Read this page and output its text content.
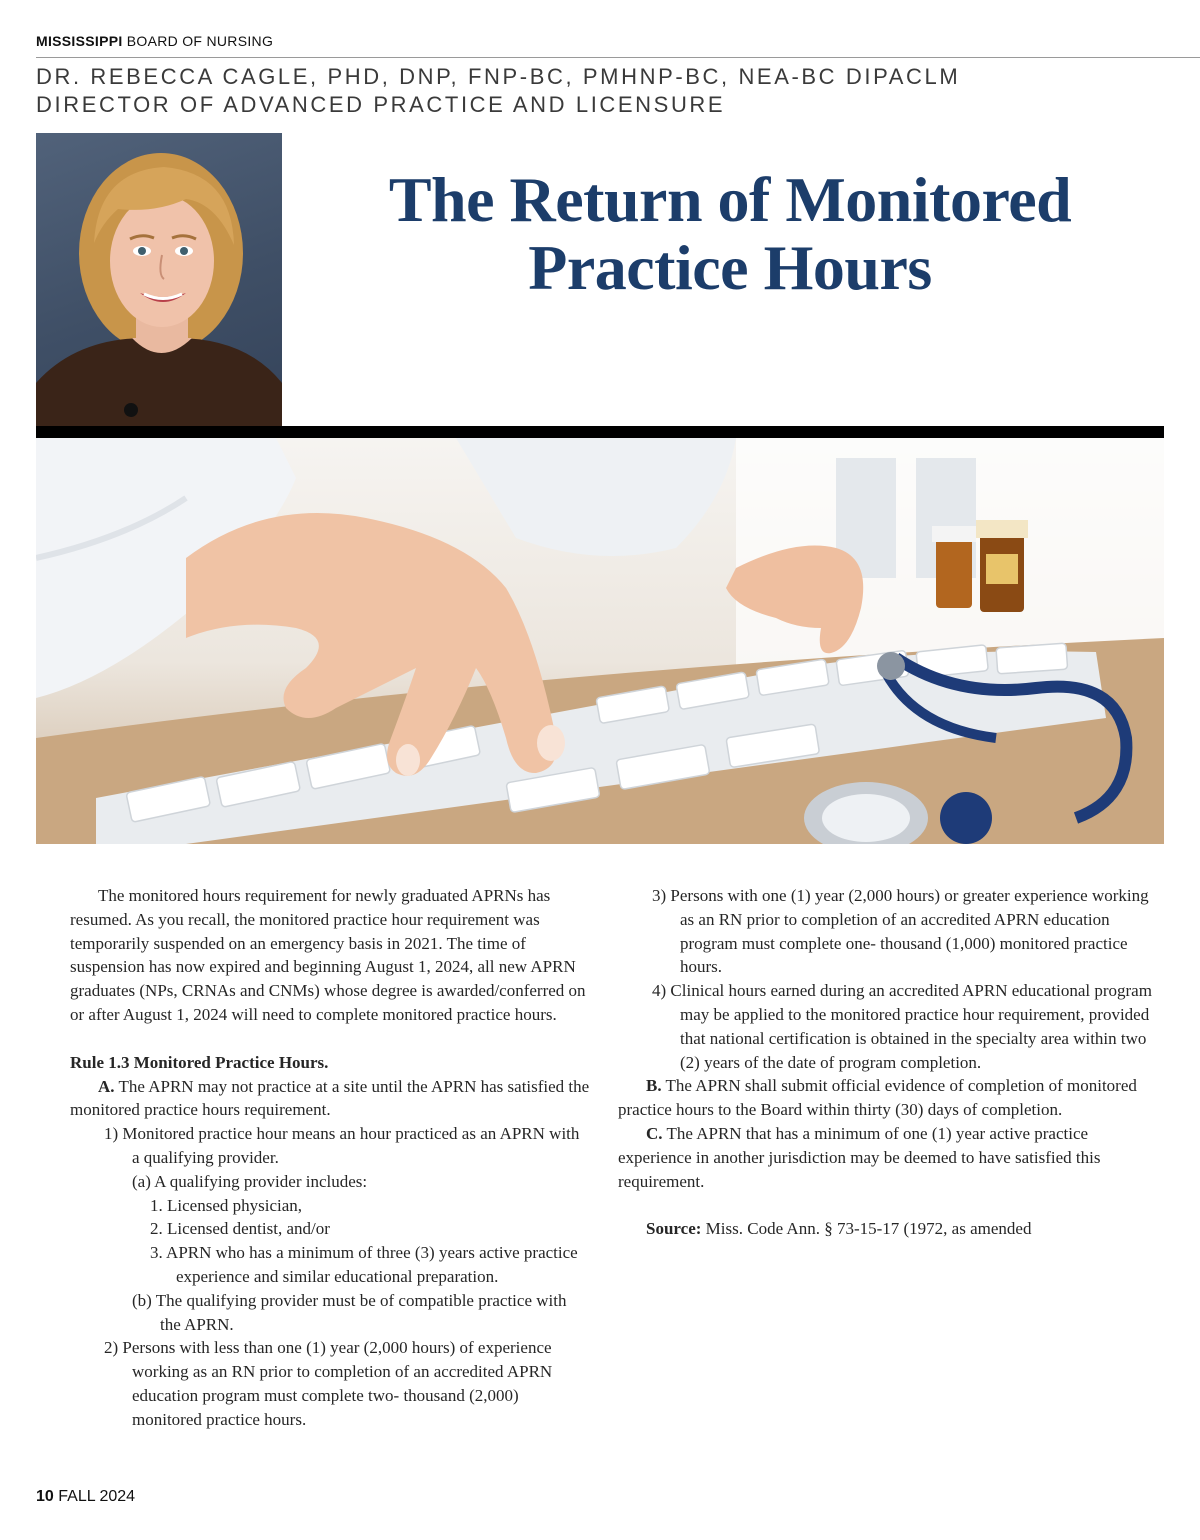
MISSISSIPPI BOARD OF NURSING
DR. REBECCA CAGLE, PHD, DNP, FNP-BC, PMHNP-BC, NEA-BC DIPACLM
DIRECTOR OF ADVANCED PRACTICE AND LICENSURE
The Return of Monitored
Practice Hours

The monitored hours requirement for newly graduated APRNs has resumed. As you recall, the monitored practice hour requirement was temporarily suspended on an emergency basis in 2021. The time of suspension has now expired and beginning August 1, 2024, all new APRN graduates (NPs, CRNAs and CNMs) whose degree is awarded/conferred on or after August 1, 2024 will need to complete monitored practice hours.

Rule 1.3 Monitored Practice Hours.

A. The APRN may not practice at a site until the APRN has satisfied the monitored practice hours requirement.

1) Monitored practice hour means an hour practiced as an APRN with a qualifying provider.

(a) A qualifying provider includes:

1. Licensed physician,

2. Licensed dentist, and/or

3. APRN who has a minimum of three (3) years active practice experience and similar educational preparation.

(b) The qualifying provider must be of compatible practice with the APRN.

2) Persons with less than one (1) year (2,000 hours) of experience working as an RN prior to completion of an accredited APRN education program must complete two- thousand (2,000) monitored practice hours.

3) Persons with one (1) year (2,000 hours) or greater experience working as an RN prior to completion of an accredited APRN education program must complete one- thousand (1,000) monitored practice hours.

4) Clinical hours earned during an accredited APRN educational program may be applied to the monitored practice hour requirement, provided that national certification is obtained in the specialty area within two (2) years of the date of program completion.

B. The APRN shall submit official evidence of completion of monitored practice hours to the Board within thirty (30) days of completion.

C. The APRN that has a minimum of one (1) year active practice experience in another jurisdiction may be deemed to have satisfied this requirement.

Source: Miss. Code Ann. § 73-15-17 (1972, as amended

10 FALL 2024
